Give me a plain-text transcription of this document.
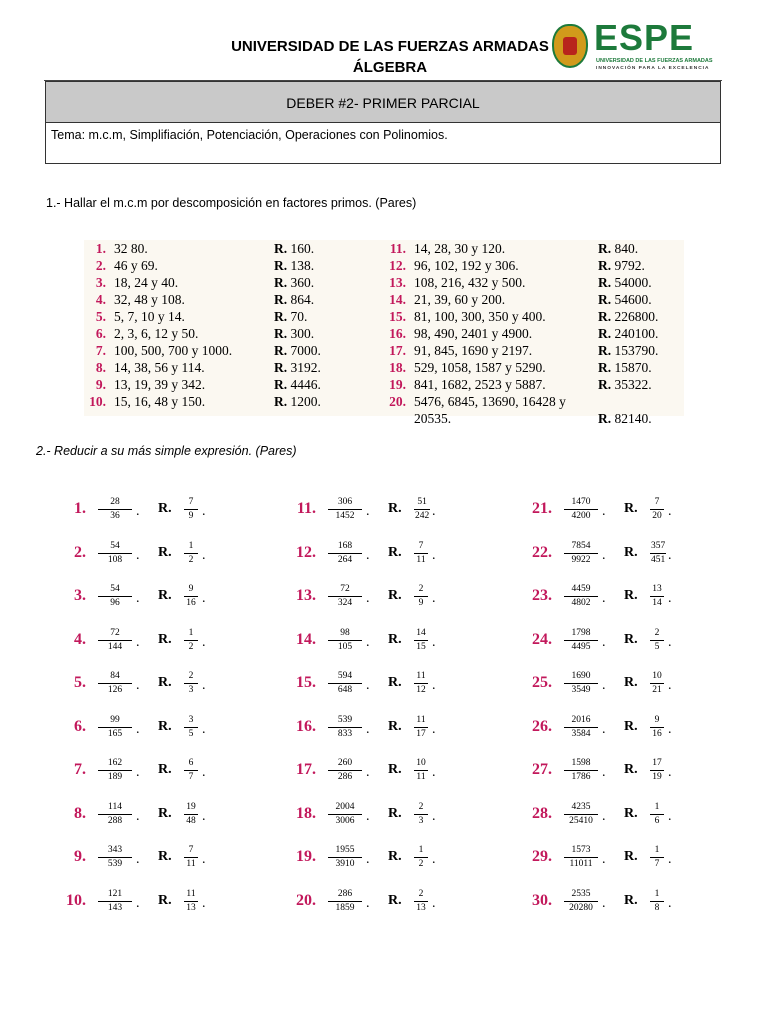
UNIVERSIDAD DE LAS FUERZAS ARMADAS
ÁLGEBRA
ESPE
UNIVERSIDAD DE LAS FUERZAS ARMADAS
INNOVACIÓN PARA LA EXCELENCIA
DEBER #2- PRIMER PARCIAL
Tema: m.c.m, Simplifiación, Potenciación, Operaciones con Polinomios.
1.- Hallar el m.c.m por descomposición en factores primos. (Pares)
1. 32 80.	R. 160.
2. 46 y 69.	R. 138.
3. 18, 24 y 40.	R. 360.
4. 32, 48 y 108.	R. 864.
5. 5, 7, 10 y 14.	R. 70.
6. 2, 3, 6, 12 y 50.	R. 300.
7. 100, 500, 700 y 1000.	R. 7000.
8. 14, 38, 56 y 114.	R. 3192.
9. 13, 19, 39 y 342.	R. 4446.
10. 15, 16, 48 y 150.	R. 1200.
11. 14, 28, 30 y 120.	R. 840.
12. 96, 102, 192 y 306.	R. 9792.
13. 108, 216, 432 y 500.	R. 54000.
14. 21, 39, 60 y 200.	R. 54600.
15. 81, 100, 300, 350 y 400.	R. 226800.
16. 98, 490, 2401 y 4900.	R. 240100.
17. 91, 845, 1690 y 2197.	R. 153790.
18. 529, 1058, 1587 y 5290.	R. 15870.
19. 841, 1682, 2523 y 5887.	R. 35322.
20. 5476, 6845, 13690, 16428 y 20535.	R. 82140.
2.- Reducir a su más simple expresión. (Pares)
1. $\frac{28}{36}$ . R. $\frac{7}{9}$ .
2. $\frac{54}{108}$ . R. $\frac{1}{2}$ .
3. $\frac{54}{96}$ . R. $\frac{9}{16}$ .
4. $\frac{72}{144}$ . R. $\frac{1}{2}$ .
5. $\frac{84}{126}$ . R. $\frac{2}{3}$ .
6. $\frac{99}{165}$ . R. $\frac{3}{5}$ .
7. $\frac{162}{189}$ . R. $\frac{6}{7}$ .
8. $\frac{114}{288}$ . R. $\frac{19}{48}$ .
9. $\frac{343}{539}$ . R. $\frac{7}{11}$ .
10. $\frac{121}{143}$ . R. $\frac{11}{13}$ .
11. $\frac{306}{1452}$ . R. $\frac{51}{242}$ .
12. $\frac{168}{264}$ . R. $\frac{7}{11}$ .
13. $\frac{72}{324}$ . R. $\frac{2}{9}$ .
14. $\frac{98}{105}$ . R. $\frac{14}{15}$ .
15. $\frac{594}{648}$ . R. $\frac{11}{12}$ .
16. $\frac{539}{833}$ . R. $\frac{11}{17}$ .
17. $\frac{260}{286}$ . R. $\frac{10}{11}$ .
18. $\frac{2004}{3006}$ . R. $\frac{2}{3}$ .
19. $\frac{1955}{3910}$ . R. $\frac{1}{2}$ .
20. $\frac{286}{1859}$ . R. $\frac{2}{13}$ .
21. $\frac{1470}{4200}$ . R. $\frac{7}{20}$ .
22. $\frac{7854}{9922}$ . R. $\frac{357}{451}$ .
23. $\frac{4459}{4802}$ . R. $\frac{13}{14}$ .
24. $\frac{1798}{4495}$ . R. $\frac{2}{5}$ .
25. $\frac{1690}{3549}$ . R. $\frac{10}{21}$ .
26. $\frac{2016}{3584}$ . R. $\frac{9}{16}$ .
27. $\frac{1598}{1786}$ . R. $\frac{17}{19}$ .
28. $\frac{4235}{25410}$ . R. $\frac{1}{6}$ .
29. $\frac{1573}{11011}$ . R. $\frac{1}{7}$ .
30. $\frac{2535}{20280}$ . R. $\frac{1}{8}$ .
